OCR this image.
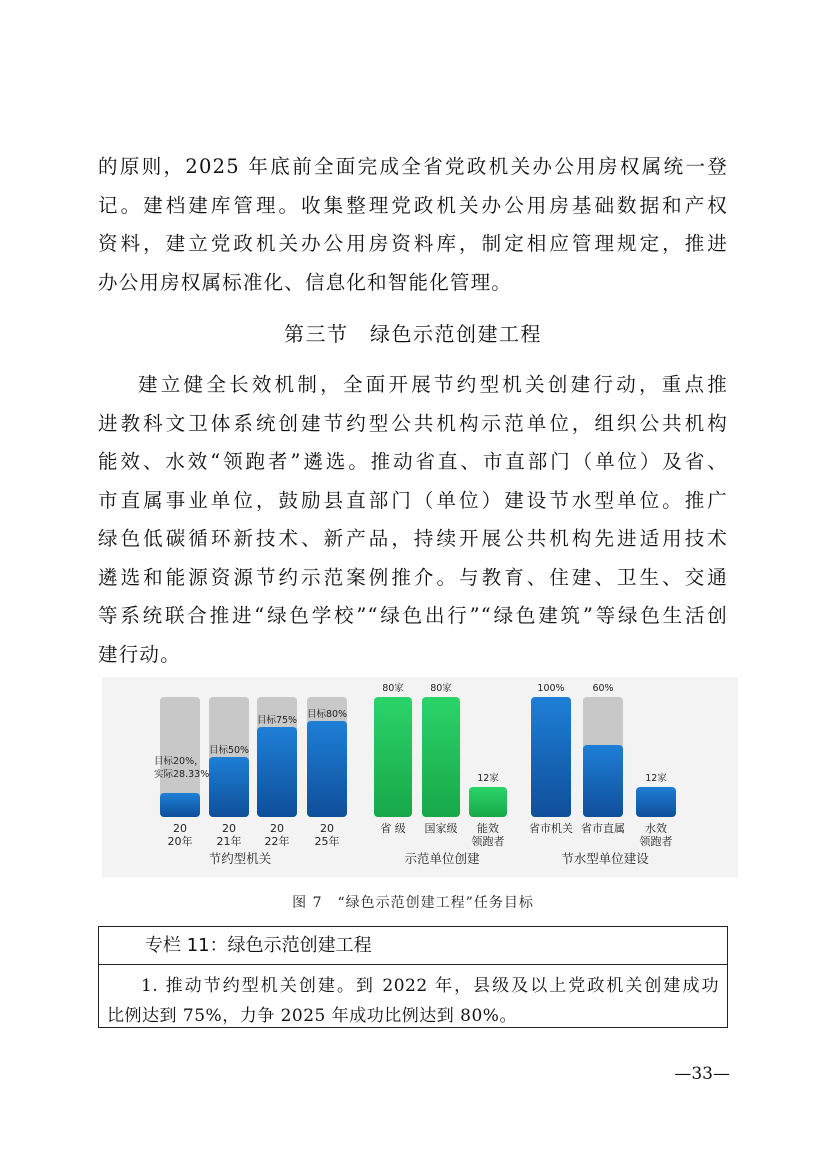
的原则，2025 年底前全面完成全省党政机关办公用房权属统一登
记。建档建库管理。收集整理党政机关办公用房基础数据和产权
资料，建立党政机关办公用房资料库，制定相应管理规定，推进
办公用房权属标准化、信息化和智能化管理。
第三节　绿色示范创建工程
建立健全长效机制，全面开展节约型机关创建行动，重点推
进教科文卫体系统创建节约型公共机构示范单位，组织公共机构
能效、水效“领跑者”遴选。推动省直、市直部门（单位）及省、
市直属事业单位，鼓励县直部门（单位）建设节水型单位。推广
绿色低碳循环新技术、新产品，持续开展公共机构先进适用技术
遴选和能源资源节约示范案例推介。与教育、住建、卫生、交通
等系统联合推进“绿色学校”“绿色出行”“绿色建筑”等绿色生活创
建行动。
目标20%，
实际28.33%
20
20年
目标50%
20
21年
目标75%
20
22年
目标80%
20
25年
节约型机关
80家
省 级
80家
国家级
12家
能效
领跑者
示范单位创建
100%
省市机关
60%
省市直属
12家
水效
领跑者
节水型单位建设
图 7　“绿色示范创建工程”任务目标
专栏 11：绿色示范创建工程
1. 推动节约型机关创建。到 2022 年，县级及以上党政机关创建成功
比例达到 75%，力争 2025 年成功比例达到 80%。
—33—
